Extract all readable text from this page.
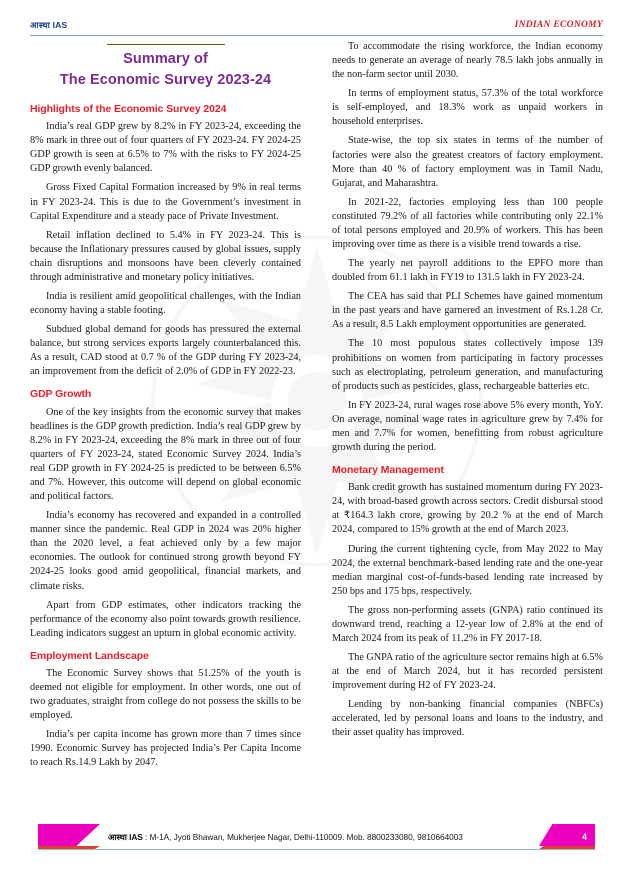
आस्था IAS	INDIAN ECONOMY
Summary of
The Economic Survey 2023-24
Highlights of the Economic Survey 2024

India’s real GDP grew by 8.2% in FY 2023-24, exceeding the 8% mark in three out of four quarters of FY 2023-24. FY 2024-25 GDP growth is seen at 6.5% to 7% with the risks to FY 2024-25 GDP growth evenly balanced.

Gross Fixed Capital Formation increased by 9% in real terms in FY 2023-24. This is due to the Government’s investment in Capital Expenditure and a steady pace of Private Investment.

Retail inflation declined to 5.4% in FY 2023-24. This is because the Inflationary pressures caused by global issues, supply chain disruptions and monsoons have been cleverly contained through administrative and monetary policy initiatives.

India is resilient amid geopolitical challenges, with the Indian economy having a stable footing.

Subdued global demand for goods has pressured the external balance, but strong services exports largely counterbalanced this. As a result, CAD stood at 0.7 % of the GDP during FY 2023-24, an improvement from the deficit of 2.0% of GDP in FY 2022-23.

GDP Growth

One of the key insights from the economic survey that makes headlines is the GDP growth prediction. India’s real GDP grew by 8.2% in FY 2023-24, exceeding the 8% mark in three out of four quarters of FY 2023-24, stated Economic Survey 2024. India’s real GDP growth in FY 2024-25 is predicted to be between 6.5% and 7%. However, this outcome will depend on global economic and political factors.

India’s economy has recovered and expanded in a controlled manner since the pandemic. Real GDP in 2024 was 20% higher than the 2020 level, a feat achieved only by a few major economies. The outlook for continued strong growth beyond FY 2024-25 looks good amid geopolitical, financial markets, and climate risks.

Apart from GDP estimates, other indicators tracking the performance of the economy also point towards growth resilience. Leading indicators suggest an upturn in global economic activity.

Employment Landscape

The Economic Survey shows that 51.25% of the youth is deemed not eligible for employment. In other words, one out of two graduates, straight from college do not possess the skills to be employed.

India’s per capita income has grown more than 7 times since 1990. Economic Survey has projected India’s Per Capita Income to reach Rs.14.9 Lakh by 2047.

To accommodate the rising workforce, the Indian economy needs to generate an average of nearly 78.5 lakh jobs annually in the non-farm sector until 2030.

In terms of employment status, 57.3% of the total workforce is self-employed, and 18.3% work as unpaid workers in household enterprises.

State-wise, the top six states in terms of the number of factories were also the greatest creators of factory employment. More than 40 % of factory employment was in Tamil Nadu, Gujarat, and Maharashtra.

In 2021-22, factories employing less than 100 people constituted 79.2% of all factories while contributing only 22.1% of total persons employed and 20.9% of workers. This has been improving over time as there is a visible trend towards a rise.

The yearly net payroll additions to the EPFO more than doubled from 61.1 lakh in FY19 to 131.5 lakh in FY 2023-24.

The CEA has said that PLI Schemes have gained momentum in the past years and have garnered an investment of Rs.1.28 Cr. As a result, 8.5 Lakh employment opportunities are generated.

The 10 most populous states collectively impose 139 prohibitions on women from participating in factory processes such as electroplating, petroleum generation, and manufacturing of products such as pesticides, glass, rechargeable batteries etc.

In FY 2023-24, rural wages rose above 5% every month, YoY. On average, nominal wage rates in agriculture grew by 7.4% for men and 7.7% for women, benefitting from robust agriculture growth during the period.

Monetary Management

Bank credit growth has sustained momentum during FY 2023-24, with broad-based growth across sectors. Credit disbursal stood at ₹164.3 lakh crore, growing by 20.2 % at the end of March 2024, compared to 15% growth at the end of March 2023.

During the current tightening cycle, from May 2022 to May 2024, the external benchmark-based lending rate and the one-year median marginal cost-of-funds-based lending rate increased by 250 bps and 175 bps, respectively.

The gross non-performing assets (GNPA) ratio continued its downward trend, reaching a 12-year low of 2.8% at the end of March 2024 from its peak of 11.2% in FY 2017-18.

The GNPA ratio of the agriculture sector remains high at 6.5% at the end of March 2024, but it has recorded persistent improvement during H2 of FY 2023-24.

Lending by non-banking financial companies (NBFCs) accelerated, led by personal loans and loans to the industry, and their asset quality has improved.

आस्था IAS : M-1A, Jyoti Bhawan, Mukherjee Nagar, Delhi-110009. Mob. 8800233080, 9810664003	4
